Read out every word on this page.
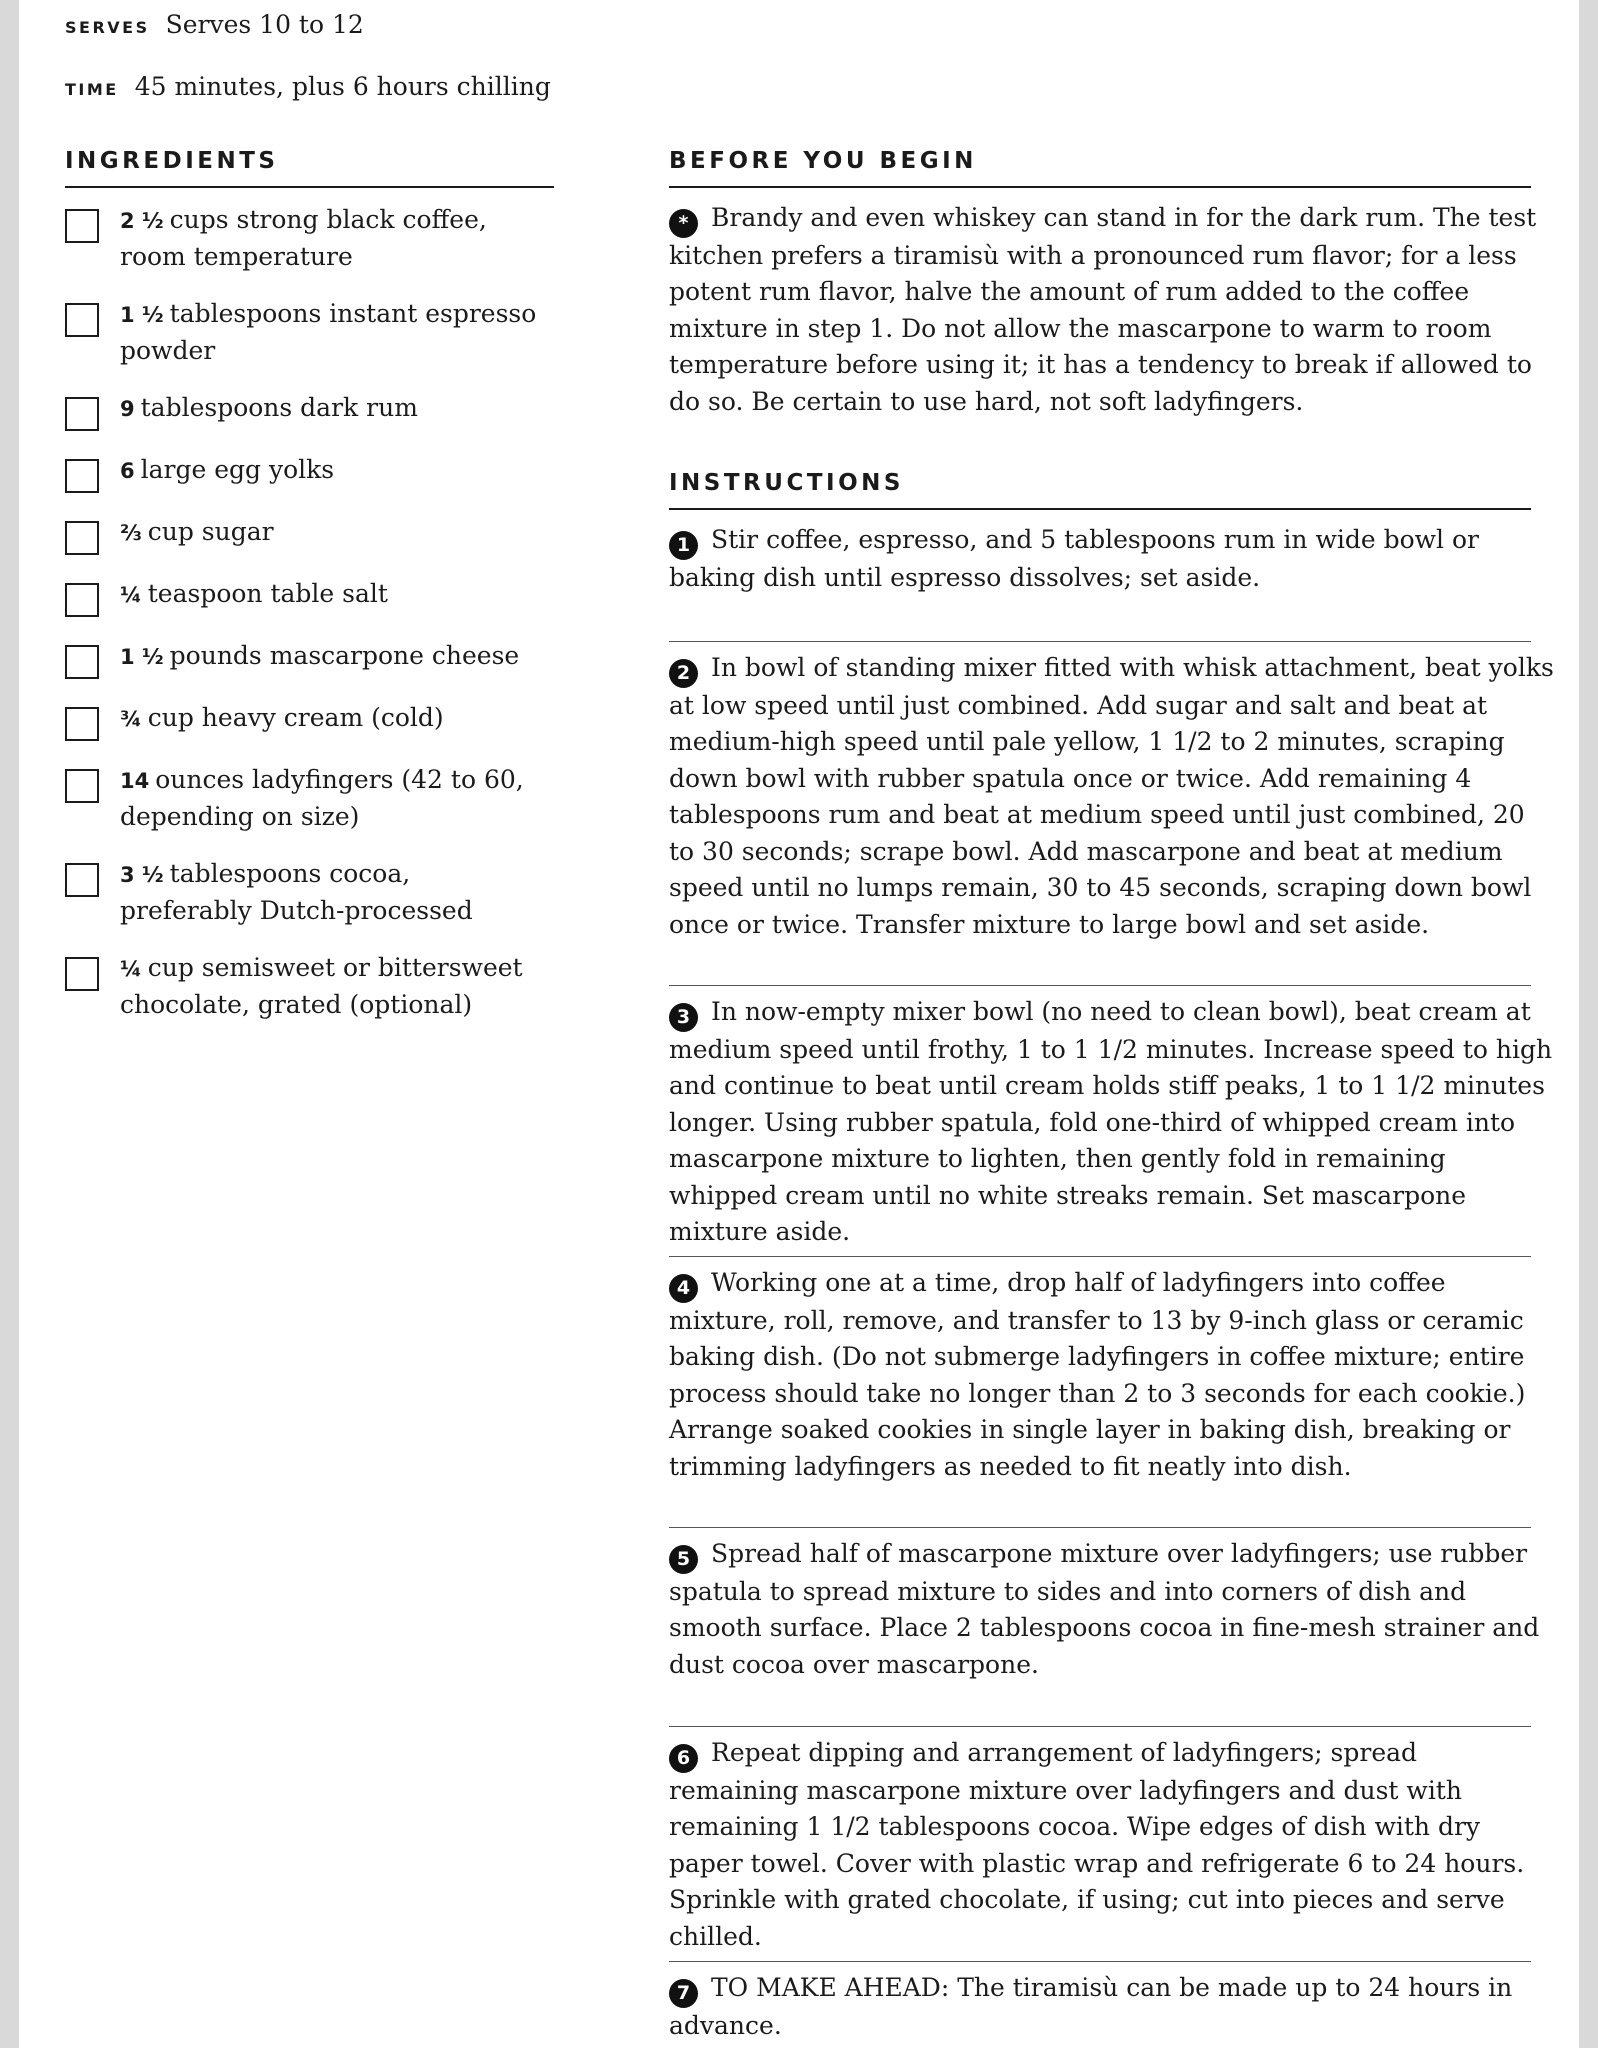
SERVES Serves 10 to 12
TIME 45 minutes, plus 6 hours chilling
INGREDIENTS
2 ½ cups strong black coffee, room temperature
1 ½ tablespoons instant espresso powder
9 tablespoons dark rum
6 large egg yolks
⅔ cup sugar
¼ teaspoon table salt
1 ½ pounds mascarpone cheese
¾ cup heavy cream (cold)
14 ounces ladyfingers (42 to 60, depending on size)
3 ½ tablespoons cocoa, preferably Dutch-processed
¼ cup semisweet or bittersweet chocolate, grated (optional)
BEFORE YOU BEGIN
* Brandy and even whiskey can stand in for the dark rum. The test kitchen prefers a tiramisù with a pronounced rum flavor; for a less potent rum flavor, halve the amount of rum added to the coffee mixture in step 1. Do not allow the mascarpone to warm to room temperature before using it; it has a tendency to break if allowed to do so. Be certain to use hard, not soft ladyfingers.
INSTRUCTIONS
1 Stir coffee, espresso, and 5 tablespoons rum in wide bowl or baking dish until espresso dissolves; set aside.
2 In bowl of standing mixer fitted with whisk attachment, beat yolks at low speed until just combined. Add sugar and salt and beat at medium-high speed until pale yellow, 1 1/2 to 2 minutes, scraping down bowl with rubber spatula once or twice. Add remaining 4 tablespoons rum and beat at medium speed until just combined, 20 to 30 seconds; scrape bowl. Add mascarpone and beat at medium speed until no lumps remain, 30 to 45 seconds, scraping down bowl once or twice. Transfer mixture to large bowl and set aside.
3 In now-empty mixer bowl (no need to clean bowl), beat cream at medium speed until frothy, 1 to 1 1/2 minutes. Increase speed to high and continue to beat until cream holds stiff peaks, 1 to 1 1/2 minutes longer. Using rubber spatula, fold one-third of whipped cream into mascarpone mixture to lighten, then gently fold in remaining whipped cream until no white streaks remain. Set mascarpone mixture aside.
4 Working one at a time, drop half of ladyfingers into coffee mixture, roll, remove, and transfer to 13 by 9-inch glass or ceramic baking dish. (Do not submerge ladyfingers in coffee mixture; entire process should take no longer than 2 to 3 seconds for each cookie.) Arrange soaked cookies in single layer in baking dish, breaking or trimming ladyfingers as needed to fit neatly into dish.
5 Spread half of mascarpone mixture over ladyfingers; use rubber spatula to spread mixture to sides and into corners of dish and smooth surface. Place 2 tablespoons cocoa in fine-mesh strainer and dust cocoa over mascarpone.
6 Repeat dipping and arrangement of ladyfingers; spread remaining mascarpone mixture over ladyfingers and dust with remaining 1 1/2 tablespoons cocoa. Wipe edges of dish with dry paper towel. Cover with plastic wrap and refrigerate 6 to 24 hours. Sprinkle with grated chocolate, if using; cut into pieces and serve chilled.
7 TO MAKE AHEAD: The tiramisù can be made up to 24 hours in advance.
